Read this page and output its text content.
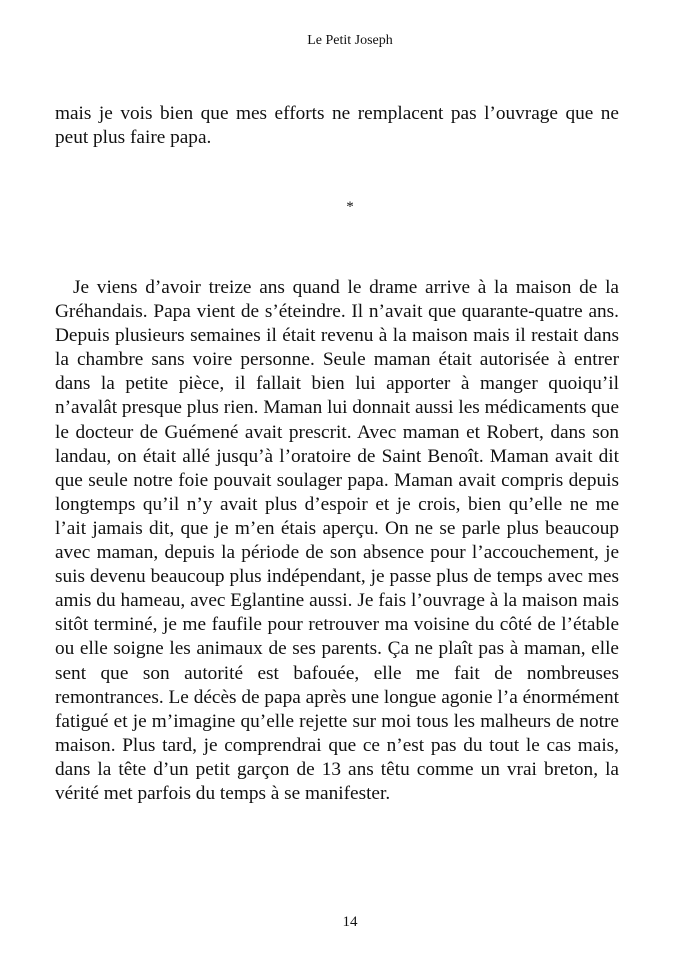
Le Petit Joseph

mais je vois bien que mes efforts ne remplacent pas l’ouvrage que ne peut plus faire papa.

*

Je viens d’avoir treize ans quand le drame arrive à la maison de la Gréhandais. Papa vient de s’éteindre. Il n’avait que quarante-quatre ans. Depuis plusieurs semaines il était revenu à la maison mais il restait dans la chambre sans voire personne. Seule maman était autorisée à entrer dans la petite pièce, il fallait bien lui apporter à manger quoiqu’il n’avalât presque plus rien. Maman lui donnait aussi les médicaments que le docteur de Guémené avait prescrit. Avec maman et Robert, dans son landau, on était allé jusqu’à l’oratoire de Saint Benoît. Maman avait dit que seule notre foie pouvait soulager papa. Maman avait compris depuis longtemps qu’il n’y avait plus d’espoir et je crois, bien qu’elle ne me l’ait jamais dit, que je m’en étais aperçu. On ne se parle plus beaucoup avec maman, depuis la période de son absence pour l’accouchement, je suis devenu beaucoup plus indépendant, je passe plus de temps avec mes amis du hameau, avec Eglantine aussi. Je fais l’ouvrage à la maison mais sitôt terminé, je me faufile pour retrouver ma voisine du côté de l’étable ou elle soigne les animaux de ses parents. Ça ne plaît pas à maman, elle sent que son autorité est bafouée, elle me fait de nombreuses remontrances. Le décès de papa après une longue agonie l’a énormément fatigué et je m’imagine qu’elle rejette sur moi tous les malheurs de notre maison. Plus tard, je comprendrai que ce n’est pas du tout le cas mais, dans la tête d’un petit garçon de 13 ans têtu comme un vrai breton, la vérité met parfois du temps à se manifester.

14
